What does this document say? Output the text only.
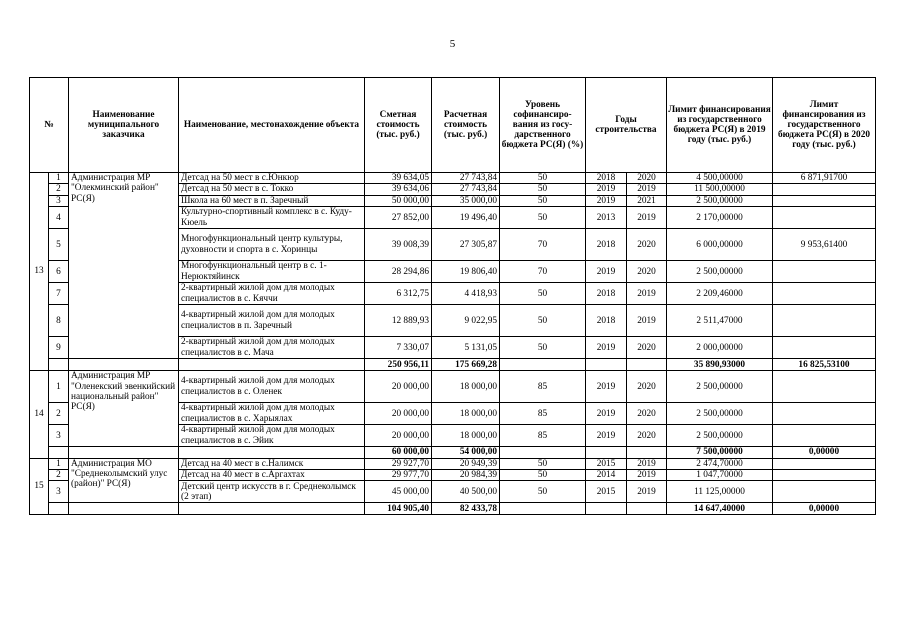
5
№		Наименование муниципального заказчика	Наименование, местонахождение объекта	Сметная стоимость (тыс. руб.)	Расчетная стоимость (тыс. руб.)	Уровень софинансиро-вания из госу-дарственного бюджета РС(Я) (%)	Годы строительства		Лимит финансирования из государственного бюджета РС(Я) в 2019 году (тыс. руб.)	Лимит финансирования из государственного бюджета РС(Я) в 2020 году (тыс. руб.)
13	1	Администрация МР "Олекминский район" РС(Я)	Детсад на 50 мест в с.Юнкюр	39 634,05	27 743,84	50	2018	2020	4 500,00000	6 871,91700
	2		Детсад на 50 мест в с. Токко	39 634,06	27 743,84	50	2019	2019	11 500,00000	
	3		Школа на 60 мест в п. Заречный	50 000,00	35 000,00	50	2019	2021	2 500,00000	
	4		Культурно-спортивный комплекс в с. Куду-Кюель	27 852,00	19 496,40	50	2013	2019	2 170,00000	
	5		Многофункциональный центр культуры, духовности и спорта в с. Хоринцы	39 008,39	27 305,87	70	2018	2020	6 000,00000	9 953,61400
	6		Многофункциональный центр в с. 1-Нерюктяйинск	28 294,86	19 806,40	70	2019	2020	2 500,00000	
	7		2-квартирный жилой дом для молодых специалистов в с. Кяччи	6 312,75	4 418,93	50	2018	2019	2 209,46000	
	8		4-квартирный жилой дом для молодых специалистов в п. Заречный	12 889,93	9 022,95	50	2018	2019	2 511,47000	
	9		2-квартирный жилой дом для молодых специалистов в с. Мача	7 330,07	5 131,05	50	2019	2020	2 000,00000	
				250 956,11	175 669,28				35 890,93000	16 825,53100
14	1	Администрация МР "Оленекский эвенкийский национальный район" РС(Я)	4-квартирный жилой дом для молодых специалистов в с. Оленек	20 000,00	18 000,00	85	2019	2020	2 500,00000	
	2		4-квартирный жилой дом для молодых специалистов в с. Харыялах	20 000,00	18 000,00	85	2019	2020	2 500,00000	
	3		4-квартирный жилой дом для молодых специалистов в с. Эйик	20 000,00	18 000,00	85	2019	2020	2 500,00000	
				60 000,00	54 000,00				7 500,00000	0,00000
15	1	Администрация МО "Среднеколымский улус (район)" РС(Я)	Детсад на 40 мест в с.Налимск	29 927,70	20 949,39	50	2015	2019	2 474,70000	
	2		Детсад на 40 мест в с.Аргахтах	29 977,70	20 984,39	50	2014	2019	1 047,70000	
	3		Детский центр искусств в г. Среднеколымск (2 этап)	45 000,00	40 500,00	50	2015	2019	11 125,00000	
				104 905,40	82 433,78				14 647,40000	0,00000
